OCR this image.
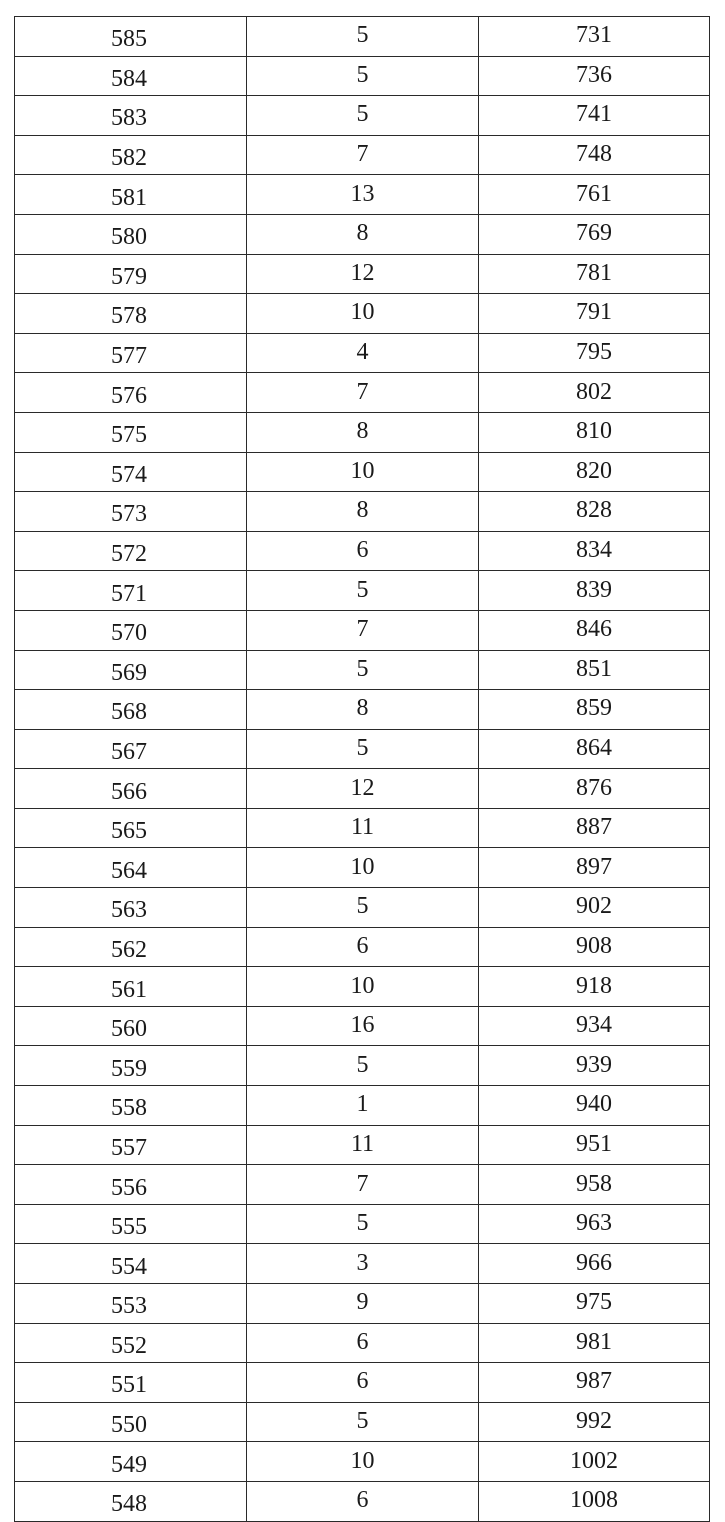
585	5	731
584	5	736
583	5	741
582	7	748
581	13	761
580	8	769
579	12	781
578	10	791
577	4	795
576	7	802
575	8	810
574	10	820
573	8	828
572	6	834
571	5	839
570	7	846
569	5	851
568	8	859
567	5	864
566	12	876
565	11	887
564	10	897
563	5	902
562	6	908
561	10	918
560	16	934
559	5	939
558	1	940
557	11	951
556	7	958
555	5	963
554	3	966
553	9	975
552	6	981
551	6	987
550	5	992
549	10	1002
548	6	1008
